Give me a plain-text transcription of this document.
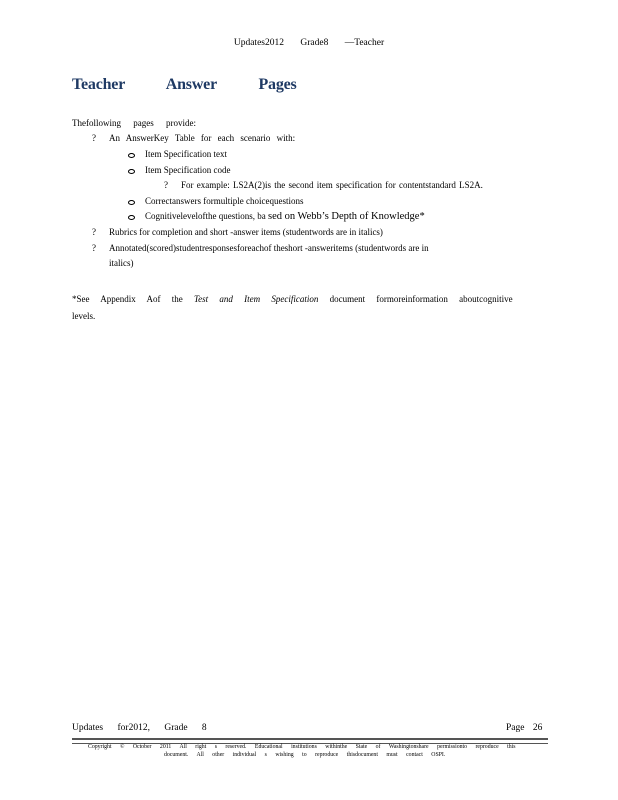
Updates2012 Grade8 —Teacher
Teacher Answer Pages
Thefollowing pages provide:
? An AnswerKey Table for each scenario with:
Item Specification text
Item Specification code
? For example: LS2A(2)is the second item specification for contentstandard LS2A.
Correctanswers formultiple choicequestions
Cognitivelevelofthe questions, ba sed on Webb’s Depth of Knowledge*
? Rubrics for completion and short -answer items (studentwords are in italics)
? Annotated(scored)studentresponsesforeachof theshort -answeritems (studentwords are in
italics)
*See Appendix Aof the Test and Item Specification document formoreinformation aboutcognitive
levels.
Updates for2012, Grade 8	Page 26
Copyright © October 2011 All right s reserved. Educational institutions withinthe State of Washingtonshare permissionto reproduce this
document. All other individual s wishing to reproduce thisdocument must contact OSPI.
